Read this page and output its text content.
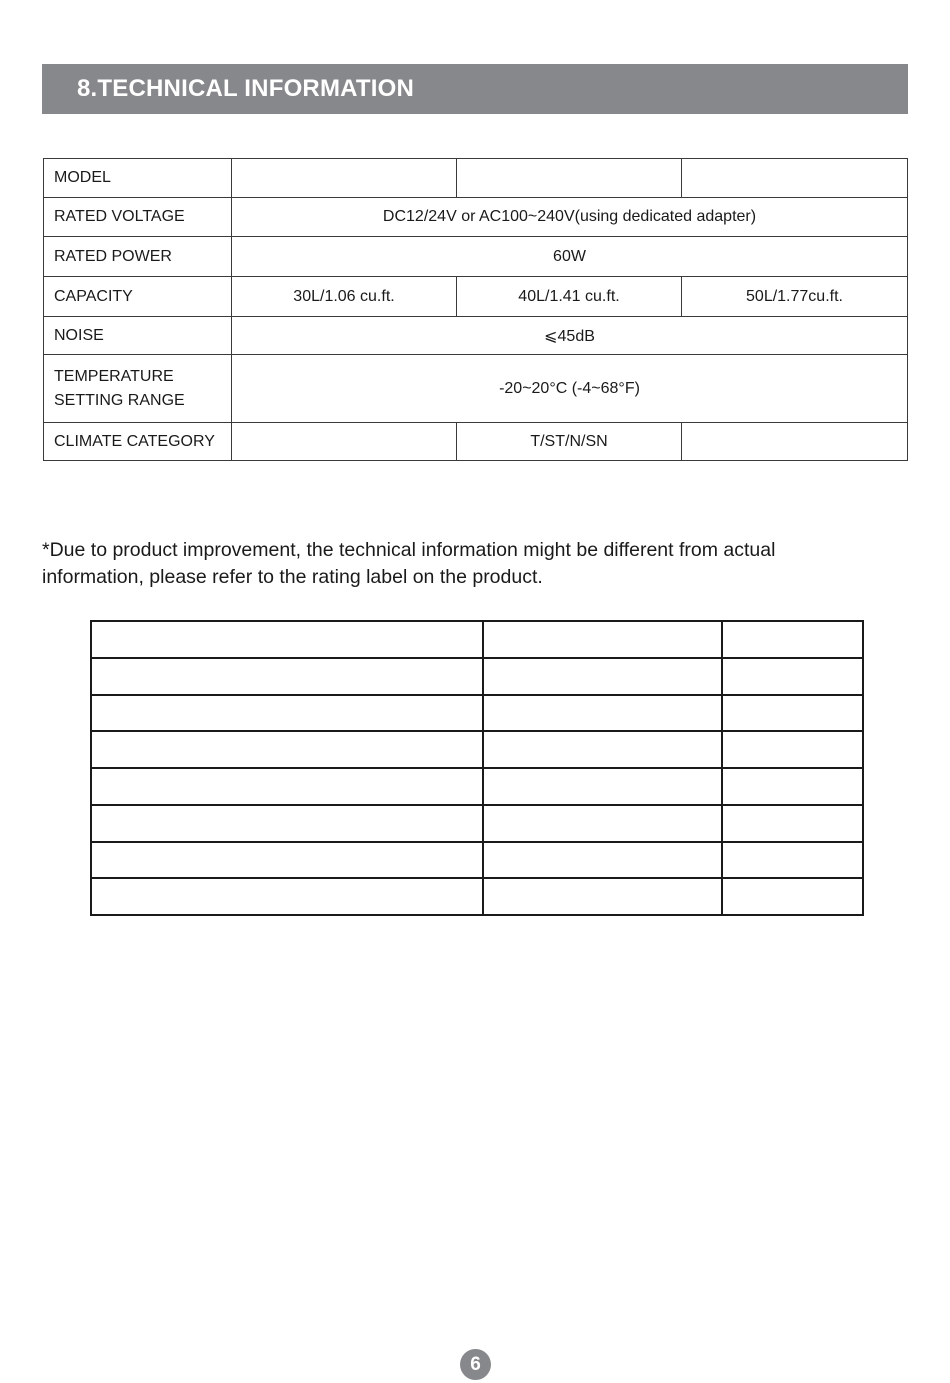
8.TECHNICAL INFORMATION
MODEL			
RATED VOLTAGE	DC12/24V or AC100~240V(using dedicated adapter)		
RATED POWER	60W		
CAPACITY	30L/1.06 cu.ft.	40L/1.41 cu.ft.	50L/1.77cu.ft.
NOISE	⩽45dB		

TEMPERATURE
SETTING RANGE	-20~20°C (-4~68°F)		
CLIMATE CATEGORY		T/ST/N/SN	
*Due to product improvement, the technical information might be different from actual
information, please refer to the rating label on the product.

6
